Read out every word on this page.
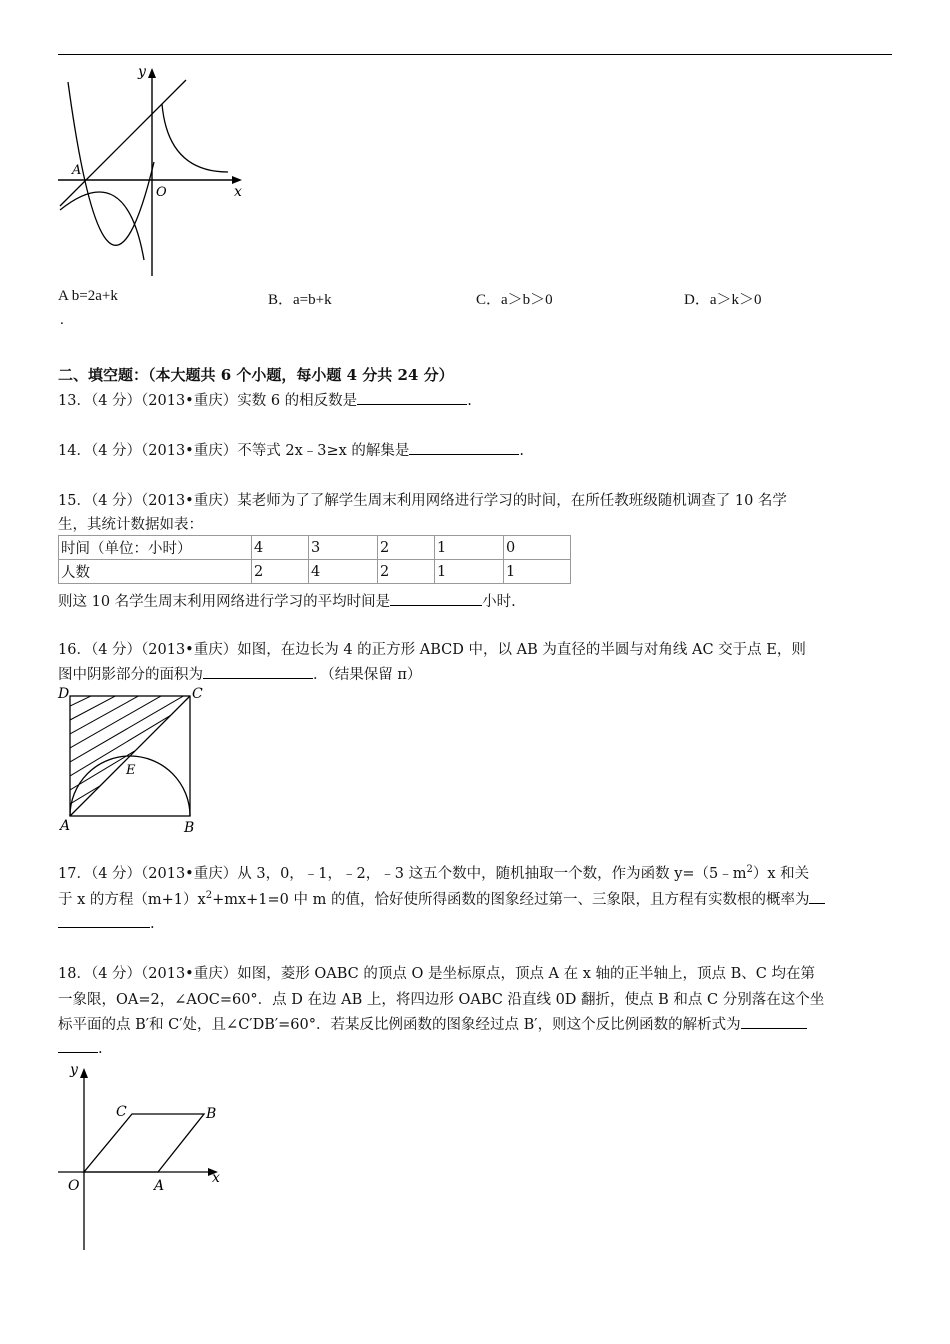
y
x
A
O
A b=2a+k	B．a=b+k	C．a＞b＞0	D．a＞k＞0
.
二、填空题：（本大题共 6 个小题，每小题 4 分共 24 分）
13．（4 分）（2013•重庆）实数 6 的相反数是	.
14．（4 分）（2013•重庆）不等式 2x﹣3≥x 的解集是	.
15．（4 分）（2013•重庆）某老师为了了解学生周末利用网络进行学习的时间，在所任教班级随机调查了 10 名学
生，其统计数据如表：
时间（单位：小时）	4	3	2	1	0
人数	2	4	2	1	1
则这 10 名学生周末利用网络进行学习的平均时间是	小时.
16．（4 分）（2013•重庆）如图，在边长为 4 的正方形 ABCD 中，以 AB 为直径的半圆与对角线 AC 交于点 E，则
图中阴影部分的面积为	．（结果保留 π）
D	C
E
A	B
17．（4 分）（2013•重庆）从 3，0，﹣1，﹣2，﹣3 这五个数中，随机抽取一个数，作为函数 $y=(5﹣m^2)x$ 和关
于 x 的方程$(m+1)x^2+mx+1=0$ 中 m 的值，恰好使所得函数的图象经过第一、三象限，且方程有实数根的概率为
.
18．（4 分）（2013•重庆）如图，菱形 OABC 的顶点 O 是坐标原点，顶点 A 在 x 轴的正半轴上，顶点 B、C 均在第
一象限，OA=2，∠AOC=60°．点 D 在边 AB 上，将四边形 OABC 沿直线 0D 翻折，使点 B 和点 C 分别落在这个坐
标平面的点 B′和 C′处，且∠C′DB′=60°．若某反比例函数的图象经过点 B′，则这个反比例函数的解析式为
.
y
C	B
O	A	x
